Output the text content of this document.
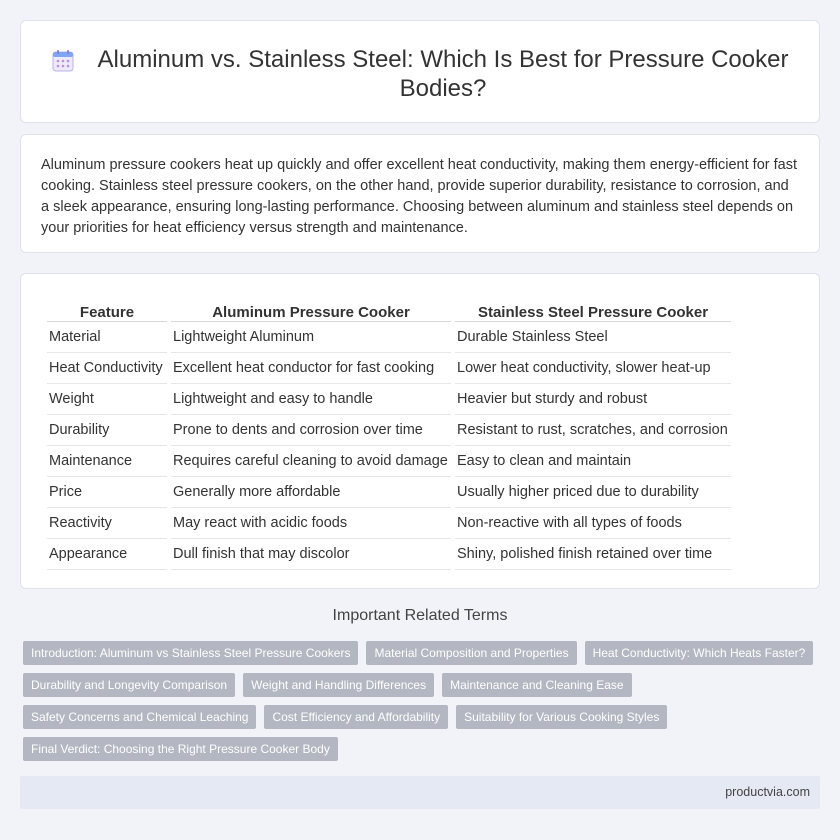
Aluminum vs. Stainless Steel: Which Is Best for Pressure Cooker Bodies?

Aluminum pressure cookers heat up quickly and offer excellent heat conductivity, making them energy-efficient for fast cooking. Stainless steel pressure cookers, on the other hand, provide superior durability, resistance to corrosion, and a sleek appearance, ensuring long-lasting performance. Choosing between aluminum and stainless steel depends on your priorities for heat efficiency versus strength and maintenance.

Feature	Aluminum Pressure Cooker	Stainless Steel Pressure Cooker
Material	Lightweight Aluminum	Durable Stainless Steel
Heat Conductivity	Excellent heat conductor for fast cooking	Lower heat conductivity, slower heat-up
Weight	Lightweight and easy to handle	Heavier but sturdy and robust
Durability	Prone to dents and corrosion over time	Resistant to rust, scratches, and corrosion
Maintenance	Requires careful cleaning to avoid damage	Easy to clean and maintain
Price	Generally more affordable	Usually higher priced due to durability
Reactivity	May react with acidic foods	Non-reactive with all types of foods
Appearance	Dull finish that may discolor	Shiny, polished finish retained over time
Important Related Terms
Introduction: Aluminum vs Stainless Steel Pressure Cookers	Material Composition and Properties	Heat Conductivity: Which Heats Faster?
Durability and Longevity Comparison	Weight and Handling Differences	Maintenance and Cleaning Ease
Safety Concerns and Chemical Leaching	Cost Efficiency and Affordability	Suitability for Various Cooking Styles
Final Verdict: Choosing the Right Pressure Cooker Body
productvia.com
